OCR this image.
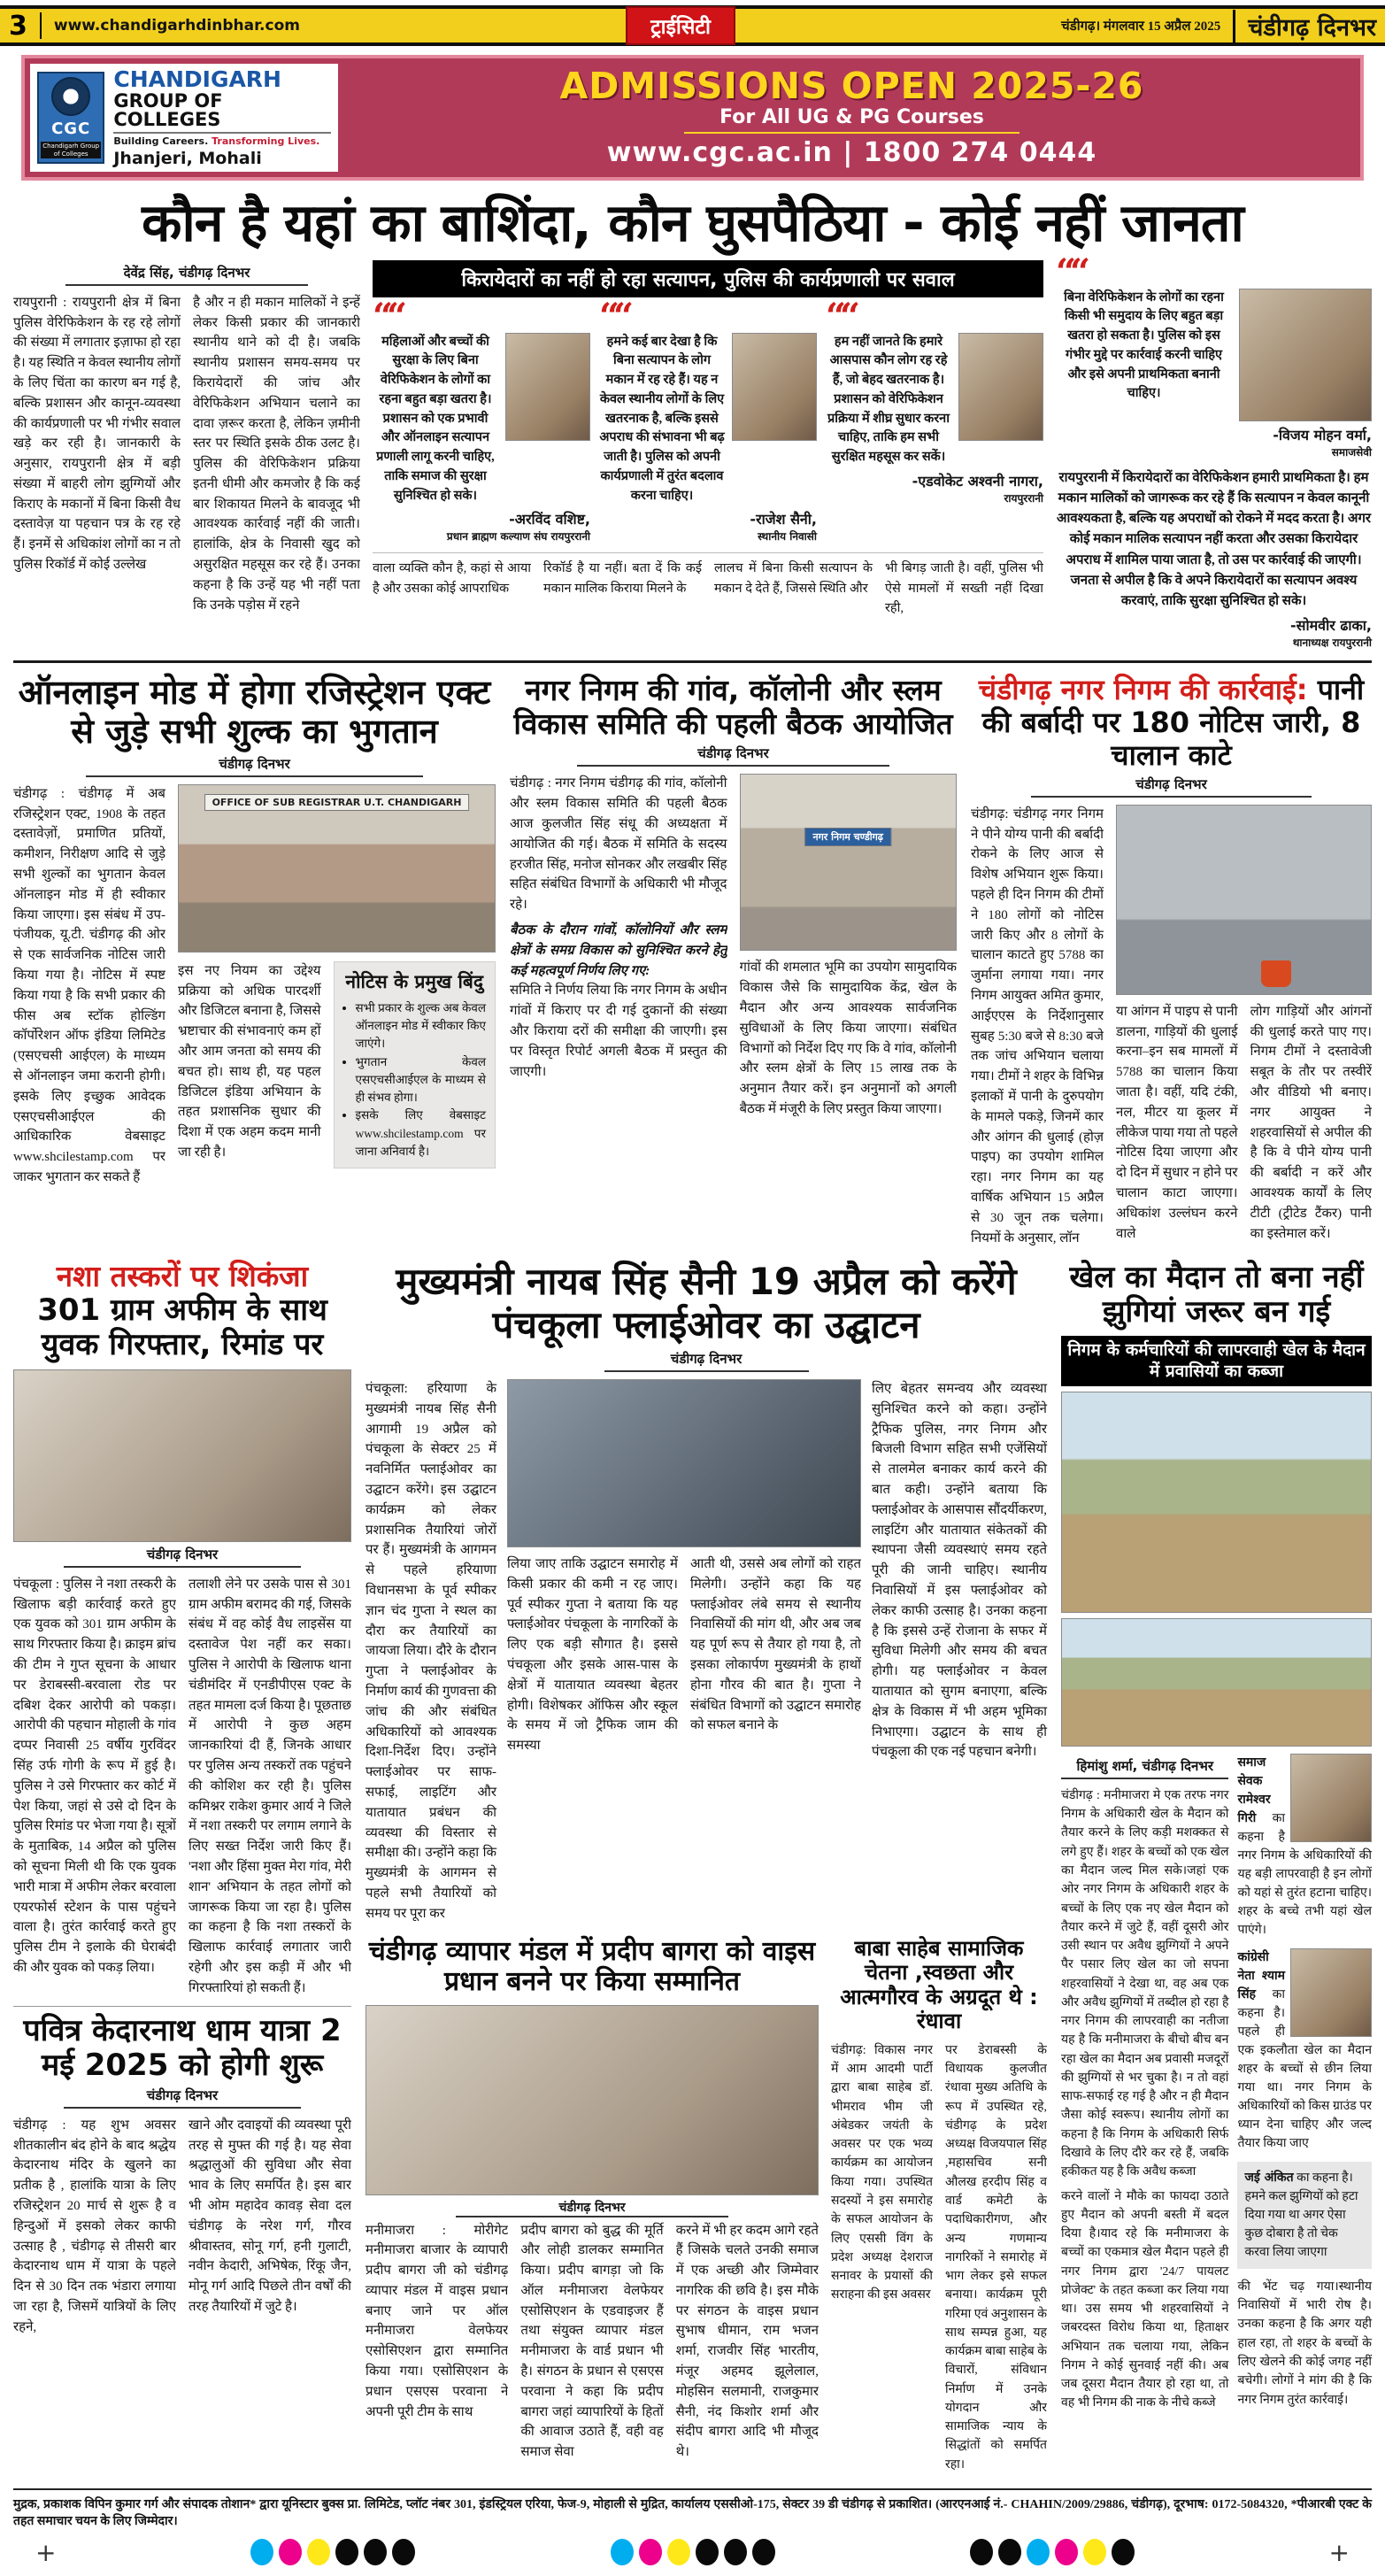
3 www.chandigarhdinbhar.com	ट्राईसिटी	चंडीगढ़। मंगलवार 15 अप्रैल 2025	चंडीगढ़ दिनभर
CGC
Chandigarh Group of Colleges
CHANDIGARH
GROUP OF COLLEGES
Building Careers. Transforming Lives.
Jhanjeri, Mohali
ADMISSIONS OPEN 2025-26
For All UG & PG Courses
www.cgc.ac.in | 1800 274 0444
कौन है यहां का बाशिंदा, कौन घुसपैठिया - कोई नहीं जानता
देवेंद्र सिंह, चंडीगढ़ दिनभर
रायपुरानी : रायपुरानी क्षेत्र में बिना पुलिस वेरिफिकेशन के रह रहे लोगों की संख्या में लगातार इज़ाफा हो रहा है। यह स्थिति न केवल स्थानीय लोगों के लिए चिंता का कारण बन गई है, बल्कि प्रशासन और कानून-व्यवस्था की कार्यप्रणाली पर भी गंभीर सवाल खड़े कर रही है। जानकारी के अनुसार, रायपुरानी क्षेत्र में बड़ी संख्या में बाहरी लोग झुग्गियों और किराए के मकानों में बिना किसी वैध दस्तावेज़ या पहचान पत्र के रह रहे हैं। इनमें से अधिकांश लोगों का न तो पुलिस रिकॉर्ड में कोई उल्लेख
है और न ही मकान मालिकों ने इन्हें लेकर किसी प्रकार की जानकारी स्थानीय थाने को दी है। जबकि स्थानीय प्रशासन समय-समय पर किरायेदारों की जांच और वेरिफिकेशन अभियान चलाने का दावा ज़रूर करता है, लेकिन ज़मीनी स्तर पर स्थिति इसके ठीक उलट है। पुलिस की वेरिफिकेशन प्रक्रिया इतनी धीमी और कमजोर है कि कई बार शिकायत मिलने के बावजूद भी आवश्यक कार्रवाई नहीं की जाती। हालांकि, क्षेत्र के निवासी खुद को असुरक्षित महसूस कर रहे हैं। उनका कहना है कि उन्हें यह भी नहीं पता कि उनके पड़ोस में रहने
किरायेदारों का नहीं हो रहा सत्यापन, पुलिस की कार्यप्रणाली पर सवाल
““
महिलाओं और बच्चों की सुरक्षा के लिए बिना वेरिफिकेशन के लोगों का रहना बहुत बड़ा खतरा है। प्रशासन को एक प्रभावी और ऑनलाइन सत्यापन प्रणाली लागू करनी चाहिए, ताकि समाज की सुरक्षा सुनिश्चित हो सके।
-अरविंद वशिष्ट,
प्रधान ब्राह्मण कल्याण संघ रायपुररानी
““
हमने कई बार देखा है कि बिना सत्यापन के लोग मकान में रह रहे हैं। यह न केवल स्थानीय लोगों के लिए खतरनाक है, बल्कि इससे अपराध की संभावना भी बढ़ जाती है। पुलिस को अपनी कार्यप्रणाली में तुरंत बदलाव करना चाहिए।
-राजेश सैनी,
स्थानीय निवासी
““
हम नहीं जानते कि हमारे आसपास कौन लोग रह रहे हैं, जो बेहद खतरनाक है। प्रशासन को वेरिफिकेशन प्रक्रिया में शीघ्र सुधार करना चाहिए, ताकि हम सभी सुरक्षित महसूस कर सकें।
-एडवोकेट अश्वनी नागरा,
रायपुररानी
वाला व्यक्ति कौन है, कहां से आया है और उसका कोई आपराधिक
रिकॉर्ड है या नहीं। बता दें कि कई मकान मालिक किराया मिलने के
लालच में बिना किसी सत्यापन के मकान दे देते हैं, जिससे स्थिति और
भी बिगड़ जाती है। वहीं, पुलिस भी ऐसे मामलों में सख्ती नहीं दिखा रही,
““
बिना वेरिफिकेशन के लोगों का रहना किसी भी समुदाय के लिए बहुत बड़ा खतरा हो सकता है। पुलिस को इस गंभीर मुद्दे पर कार्रवाई करनी चाहिए और इसे अपनी प्राथमिकता बनानी चाहिए।
-विजय मोहन वर्मा,
समाजसेवी
रायपुररानी में किरायेदारों का वेरिफिकेशन हमारी प्राथमिकता है। हम मकान मालिकों को जागरूक कर रहे हैं कि सत्यापन न केवल कानूनी आवश्यकता है, बल्कि यह अपराधों को रोकने में मदद करता है। अगर कोई मकान मालिक सत्यापन नहीं करता और उसका किरायेदार अपराध में शामिल पाया जाता है, तो उस पर कार्रवाई की जाएगी। जनता से अपील है कि वे अपने किरायेदारों का सत्यापन अवश्य करवाएं, ताकि सुरक्षा सुनिश्चित हो सके।
-सोमवीर ढाका,
थानाध्यक्ष रायपुररानी
ऑनलाइन मोड में होगा रजिस्ट्रेशन एक्ट से जुड़े सभी शुल्क का भुगतान
चंडीगढ़ दिनभर
चंडीगढ़ : चंडीगढ़ में अब रजिस्ट्रेशन एक्ट, 1908 के तहत दस्तावेज़ों, प्रमाणित प्रतियों, कमीशन, निरीक्षण आदि से जुड़े सभी शुल्कों का भुगतान केवल ऑनलाइन मोड में ही स्वीकार किया जाएगा। इस संबंध में उप-पंजीयक, यू.टी. चंडीगढ़ की ओर से एक सार्वजनिक नोटिस जारी किया गया है। नोटिस में स्पष्ट किया गया है कि सभी प्रकार की फीस अब स्टॉक होल्डिंग कॉर्पोरेशन ऑफ इंडिया लिमिटेड (एसएचसी आईएल) के माध्यम से ऑनलाइन जमा करानी होगी। इसके लिए इच्छुक आवेदक एसएचसीआईएल की आधिकारिक वेबसाइट www.shcilestamp.com पर जाकर भुगतान कर सकते हैं
OFFICE OF SUB REGISTRAR U.T. CHANDIGARH
इस नए नियम का उद्देश्य प्रक्रिया को अधिक पारदर्शी और डिजिटल बनाना है, जिससे भ्रष्टाचार की संभावनाएं कम हों और आम जनता को समय की बचत हो। साथ ही, यह पहल डिजिटल इंडिया अभियान के तहत प्रशासनिक सुधार की दिशा में एक अहम कदम मानी जा रही है।
नोटिस के प्रमुख बिंदु
• सभी प्रकार के शुल्क अब केवल ऑनलाइन मोड में स्वीकार किए जाएंगे।
• भुगतान केवल एसएचसीआईएल के माध्यम से ही संभव होगा।
• इसके लिए वेबसाइट www.shcilestamp.com पर जाना अनिवार्य है।
नगर निगम की गांव, कॉलोनी और स्लम विकास समिति की पहली बैठक आयोजित
चंडीगढ़ दिनभर
चंडीगढ़ : नगर निगम चंडीगढ़ की गांव, कॉलोनी और स्लम विकास समिति की पहली बैठक आज कुलजीत सिंह संधू की अध्यक्षता में आयोजित की गई। बैठक में समिति के सदस्य हरजीत सिंह, मनोज सोनकर और लखबीर सिंह सहित संबंधित विभागों के अधिकारी भी मौजूद रहे।
बैठक के दौरान गांवों, कॉलोनियों और स्लम क्षेत्रों के समग्र विकास को सुनिश्चित करने हेतु कई महत्वपूर्ण निर्णय लिए गए:
समिति ने निर्णय लिया कि नगर निगम के अधीन गांवों में किराए पर दी गई दुकानों की संख्या और किराया दरों की समीक्षा की जाएगी। इस पर विस्तृत रिपोर्ट अगली बैठक में प्रस्तुत की जाएगी।
नगर निगम चण्डीगढ़
गांवों की शमलात भूमि का उपयोग सामुदायिक विकास जैसे कि सामुदायिक केंद्र, खेल के मैदान और अन्य आवश्यक सार्वजनिक सुविधाओं के लिए किया जाएगा। संबंधित विभागों को निर्देश दिए गए कि वे गांव, कॉलोनी और स्लम क्षेत्रों के लिए 15 लाख तक के अनुमान तैयार करें। इन अनुमानों को अगली बैठक में मंजूरी के लिए प्रस्तुत किया जाएगा।
चंडीगढ़ नगर निगम की कार्रवाई: पानी की बर्बादी पर 180 नोटिस जारी, 8 चालान काटे
चंडीगढ़ दिनभर
चंडीगढ़: चंडीगढ़ नगर निगम ने पीने योग्य पानी की बर्बादी रोकने के लिए आज से विशेष अभियान शुरू किया। पहले ही दिन निगम की टीमों ने 180 लोगों को नोटिस जारी किए और 8 लोगों के चालान काटते हुए 5788 का जुर्माना लगाया गया। नगर निगम आयुक्त अमित कुमार, आईएएस के निर्देशानुसार सुबह 5:30 बजे से 8:30 बजे तक जांच अभियान चलाया गया। टीमों ने शहर के विभिन्न इलाकों में पानी के दुरुपयोग के मामले पकड़े, जिनमें कार और आंगन की धुलाई (होज़ पाइप) का उपयोग शामिल रहा। नगर निगम का यह वार्षिक अभियान 15 अप्रैल से 30 जून तक चलेगा। नियमों के अनुसार, लॉन
या आंगन में पाइप से पानी डालना, गाड़ियों की धुलाई करना–इन सब मामलों में 5788 का चालान किया जाता है। वहीं, यदि टंकी, नल, मीटर या कूलर में लीकेज पाया गया तो पहले नोटिस दिया जाएगा और दो दिन में सुधार न होने पर चालान काटा जाएगा। अधिकांश उल्लंघन करने वाले
लोग गाड़ियों और आंगनों की धुलाई करते पाए गए। निगम टीमों ने दस्तावेजी सबूत के तौर पर तस्वीरें और वीडियो भी बनाए। नगर आयुक्त ने शहरवासियों से अपील की है कि वे पीने योग्य पानी की बर्बादी न करें और आवश्यक कार्यों के लिए टीटी (ट्रीटेड टैंकर) पानी का इस्तेमाल करें।
नशा तस्करों पर शिकंजा
301 ग्राम अफीम के साथ युवक गिरफ्तार, रिमांड पर
चंडीगढ़ दिनभर
पंचकूला : पुलिस ने नशा तस्करी के खिलाफ बड़ी कार्रवाई करते हुए एक युवक को 301 ग्राम अफीम के साथ गिरफ्तार किया है। क्राइम ब्रांच की टीम ने गुप्त सूचना के आधार पर डेराबस्सी-बरवाला रोड पर दबिश देकर आरोपी को पकड़ा। आरोपी की पहचान मोहाली के गांव दप्पर निवासी 25 वर्षीय गुरविंदर सिंह उर्फ गोगी के रूप में हुई है। पुलिस ने उसे गिरफ्तार कर कोर्ट में पेश किया, जहां से उसे दो दिन के पुलिस रिमांड पर भेजा गया है। सूत्रों के मुताबिक, 14 अप्रैल को पुलिस को सूचना मिली थी कि एक युवक भारी मात्रा में अफीम लेकर बरवाला एयरफोर्स स्टेशन के पास पहुंचने वाला है। तुरंत कार्रवाई करते हुए पुलिस टीम ने इलाके की घेराबंदी की और युवक को पकड़ लिया।
तलाशी लेने पर उसके पास से 301 ग्राम अफीम बरामद की गई, जिसके संबंध में वह कोई वैध लाइसेंस या दस्तावेज पेश नहीं कर सका। पुलिस ने आरोपी के खिलाफ थाना चंडीमंदिर में एनडीपीएस एक्ट के तहत मामला दर्ज किया है। पूछताछ में आरोपी ने कुछ अहम जानकारियां दी हैं, जिनके आधार पर पुलिस अन्य तस्करों तक पहुंचने की कोशिश कर रही है। पुलिस कमिश्नर राकेश कुमार आर्य ने जिले में नशा तस्करी पर लगाम लगाने के लिए सख्त निर्देश जारी किए हैं। 'नशा और हिंसा मुक्त मेरा गांव, मेरी शान' अभियान के तहत लोगों को जागरूक किया जा रहा है। पुलिस का कहना है कि नशा तस्करों के खिलाफ कार्रवाई लगातार जारी रहेगी और इस कड़ी में और भी गिरफ्तारियां हो सकती हैं।
पवित्र केदारनाथ धाम यात्रा 2 मई 2025 को होगी शुरू
चंडीगढ़ दिनभर
चंडीगढ़ : यह शुभ अवसर शीतकालीन बंद होने के बाद श्रद्धेय केदारनाथ मंदिर के खुलने का प्रतीक है , हालांकि यात्रा के लिए रजिस्ट्रेशन 20 मार्च से शुरू है व हिन्दुओं में इसको लेकर काफी उत्साह है , चंडीगढ़ से तीसरी बार केदारनाथ धाम में यात्रा के पहले दिन से 30 दिन तक भंडारा लगाया जा रहा है, जिसमें यात्रियों के लिए रहने,
खाने और दवाइयों की व्यवस्था पूरी तरह से मुफ्त की गई है। यह सेवा श्रद्धालुओं की सुविधा और सेवा भाव के लिए समर्पित है। इस बार भी ओम महादेव कावड़ सेवा दल चंडीगढ़ के नरेश गर्ग, गौरव श्रीवास्तव, सोनू गर्ग, हनी गुलाटी, नवीन केदारी, अभिषेक, रिंकू जैन, मोनू गर्ग आदि पिछले तीन वर्षों की तरह तैयारियों में जुटे है।
मुख्यमंत्री नायब सिंह सैनी 19 अप्रैल को करेंगे पंचकूला फ्लाईओवर का उद्घाटन
चंडीगढ़ दिनभर
पंचकूला: हरियाणा के मुख्यमंत्री नायब सिंह सैनी आगामी 19 अप्रैल को पंचकूला के सेक्टर 25 में नवनिर्मित फ्लाईओवर का उद्घाटन करेंगे। इस उद्घाटन कार्यक्रम को लेकर प्रशासनिक तैयारियां जोरों पर हैं। मुख्यमंत्री के आगमन से पहले हरियाणा विधानसभा के पूर्व स्पीकर ज्ञान चंद गुप्ता ने स्थल का दौरा कर तैयारियों का जायजा लिया। दौरे के दौरान गुप्ता ने फ्लाईओवर के निर्माण कार्य की गुणवत्ता की जांच की और संबंधित अधिकारियों को आवश्यक दिशा-निर्देश दिए। उन्होंने फ्लाईओवर पर साफ-सफाई, लाइटिंग और यातायात प्रबंधन की व्यवस्था की विस्तार से समीक्षा की। उन्होंने कहा कि मुख्यमंत्री के आगमन से पहले सभी तैयारियों को समय पर पूरा कर
लिया जाए ताकि उद्घाटन समारोह में किसी प्रकार की कमी न रह जाए। पूर्व स्पीकर गुप्ता ने बताया कि यह फ्लाईओवर पंचकूला के नागरिकों के लिए एक बड़ी सौगात है। इससे पंचकूला और इसके आस-पास के क्षेत्रों में यातायात व्यवस्था बेहतर होगी। विशेषकर ऑफिस और स्कूल के समय में जो ट्रैफिक जाम की समस्या
आती थी, उससे अब लोगों को राहत मिलेगी। उन्होंने कहा कि यह फ्लाईओवर लंबे समय से स्थानीय निवासियों की मांग थी, और अब जब यह पूर्ण रूप से तैयार हो गया है, तो इसका लोकार्पण मुख्यमंत्री के हाथों होना गौरव की बात है। गुप्ता ने संबंधित विभागों को उद्घाटन समारोह को सफल बनाने के
लिए बेहतर समन्वय और व्यवस्था सुनिश्चित करने को कहा। उन्होंने ट्रैफिक पुलिस, नगर निगम और बिजली विभाग सहित सभी एजेंसियों से तालमेल बनाकर कार्य करने की बात कही। उन्होंने बताया कि फ्लाईओवर के आसपास सौंदर्यीकरण, लाइटिंग और यातायात संकेतकों की स्थापना जैसी व्यवस्थाएं समय रहते पूरी की जानी चाहिए। स्थानीय निवासियों में इस फ्लाईओवर को लेकर काफी उत्साह है। उनका कहना है कि इससे उन्हें रोजाना के सफर में सुविधा मिलेगी और समय की बचत होगी। यह फ्लाईओवर न केवल यातायात को सुगम बनाएगा, बल्कि क्षेत्र के विकास में भी अहम भूमिका निभाएगा। उद्घाटन के साथ ही पंचकूला की एक नई पहचान बनेगी।
चंडीगढ़ व्यापार मंडल में प्रदीप बागरा को वाइस प्रधान बनने पर किया सम्मानित
चंडीगढ़ दिनभर
मनीमाजरा : मोरीगेट मनीमाजरा बाजार के व्यापारी प्रदीप बागरा जी को चंडीगढ़ व्यापार मंडल में वाइस प्रधान बनाए जाने पर ऑल मनीमाजरा वेलफेयर एसोसिएशन द्वारा सम्मानित किया गया। एसोसिएशन के प्रधान एसएस परवाना ने अपनी पूरी टीम के साथ
प्रदीप बागरा को बुद्ध की मूर्ति और लोही डालकर सम्मानित किया। प्रदीप बागड़ा जो कि ऑल मनीमाजरा वेलफेयर एसोसिएशन के एडवाइजर हैं तथा संयुक्त व्यापार मंडल मनीमाजरा के वार्ड प्रधान भी है। संगठन के प्रधान से एसएस परवाना ने कहा कि प्रदीप बागरा जहां व्यापारियों के हितों की आवाज उठाते हैं, वही वह समाज सेवा
करने में भी हर कदम आगे रहते हैं जिसके चलते उनकी समाज में एक अच्छी और जिम्मेवार नागरिक की छवि है। इस मौके पर संगठन के वाइस प्रधान सुभाष धीमान, राम भजन शर्मा, राजवीर सिंह भारतीय, मंजूर अहमद झूलेलाल, मोहसिन सलमानी, राजकुमार सैनी, नंद किशोर शर्मा और संदीप बागरा आदि भी मौजूद थे।
बाबा साहेब सामाजिक चेतना ,स्वछता और आत्मगौरव के अग्रदूत थे : रंधावा
चंडीगढ़: विकास नगर में आम आदमी पार्टी द्वारा बाबा साहेब डॉ. भीमराव भीम जी अंबेडकर जयंती के अवसर पर एक भव्य कार्यक्रम का आयोजन किया गया। उपस्थित सदस्यों ने इस समारोह के सफल आयोजन के लिए एससी विंग के प्रदेश अध्यक्ष देशराज सनावर के प्रयासों की सराहना की इस अवसर
पर डेराबस्सी के विधायक कुलजीत रंधावा मुख्य अतिथि के रूप में उपस्थित रहे, चंडीगढ़ के प्रदेश अध्यक्ष विजयपाल सिंह ,महासचिव सनी औलख हरदीप सिंह व वार्ड कमेटी के पदाधिकारीगण, और अन्य गणमान्य नागरिकों ने समारोह में भाग लेकर इसे सफल बनाया। कार्यक्रम पूरी गरिमा एवं अनुशासन के साथ सम्पन्न हुआ, यह कार्यक्रम बाबा साहेब के विचारों, संविधान निर्माण में उनके योगदान और सामाजिक न्याय के सिद्धांतों को समर्पित रहा।
खेल का मैदान तो बना नहीं झुगियां जरूर बन गई
निगम के कर्मचारियों की लापरवाही खेल के मैदान में प्रवासियों का कब्जा
हिमांशु शर्मा, चंडीगढ़ दिनभर
चंडीगढ़ : मनीमाजरा मे एक तरफ नगर निगम के अधिकारी खेल के मैदान को तैयार करने के लिए कड़ी मशक्कत से लगे हुए हैं। शहर के बच्चों को एक खेल का मैदान जल्द मिल सके।जहां एक ओर नगर निगम के अधिकारी शहर के बच्चों के लिए एक नए खेल मैदान को तैयार करने में जुटे हैं, वहीं दूसरी ओर उसी स्थान पर अवैध झुग्गियों ने अपने पैर पसार लिए खेल का जो सपना शहरवासियों ने देखा था, वह अब एक और अवैध झुग्गियों में तब्दील हो रहा है नगर निगम की लापरवाही का नतीजा यह है कि मनीमाजरा के बीचो बीच बन रहा खेल का मैदान अब प्रवासी मजदूरों की झुग्गियों से भर चुका है। न तो वहां साफ-सफाई रह गई है और न ही मैदान जैसा कोई स्वरूप। स्थानीय लोगों का कहना है कि निगम के अधिकारी सिर्फ दिखावे के लिए दौरे कर रहे हैं, जबकि हकीकत यह है कि अवैध कब्जा
करने वालों ने मौके का फायदा उठाते हुए मैदान को अपनी बस्ती में बदल दिया है।याद रहे कि मनीमाजरा के बच्चों का एकमात्र खेल मैदान पहले ही नगर निगम द्वारा '24/7 पायलट प्रोजेक्ट' के तहत कब्जा कर लिया गया था। उस समय भी शहरवासियों ने जबरदस्त विरोध किया था, हिताक्षर अभियान तक चलाया गया, लेकिन निगम ने कोई सुनवाई नहीं की। अब जब दूसरा मैदान तैयार हो रहा था, तो वह भी निगम की नाक के नीचे कब्जे
समाज सेवक रामेश्वर गिरी का कहना है नगर निगम के अधिकारियों की यह बड़ी लापरवाही है इन लोगों को यहां से तुरंत हटाना चाहिए। शहर के बच्चे तभी यहां खेल पाएंगे।
कांग्रेसी नेता श्याम सिंह का कहना है। पहले ही एक इकलौता खेल का मैदान शहर के बच्चों से छीन लिया गया था। नगर निगम के अधिकारियों को किस ग्राउंड पर ध्यान देना चाहिए और जल्द तैयार किया जाए
जई अंकित का कहना है। हमने कल झुग्गियों को हटा दिया गया था अगर ऐसा कुछ दोबारा है तो चेक करवा लिया जाएगा
की भेंट चढ़ गया।स्थानीय निवासियों में भारी रोष है। उनका कहना है कि अगर यही हाल रहा, तो शहर के बच्चों के लिए खेलने की कोई जगह नहीं बचेगी। लोगों ने मांग की है कि नगर निगम तुरंत कार्रवाई।
मुद्रक, प्रकाशक विपिन कुमार गर्ग और संपादक तोशान* द्वारा यूनिस्टार बुक्स प्रा. लिमिटेड, प्लॉट नंबर 301, इंडस्ट्रियल एरिया, फेज-9, मोहाली से मुद्रित, कार्यालय एससीओ-175, सेक्टर 39 डी चंडीगढ़ से प्रकाशित। (आरएनआई नं.- CHAHIN/2009/29886, चंडीगढ़), दूरभाष: 0172-5084320, *पीआरबी एक्ट के तहत समाचार चयन के लिए जिम्मेदार।
+	+
